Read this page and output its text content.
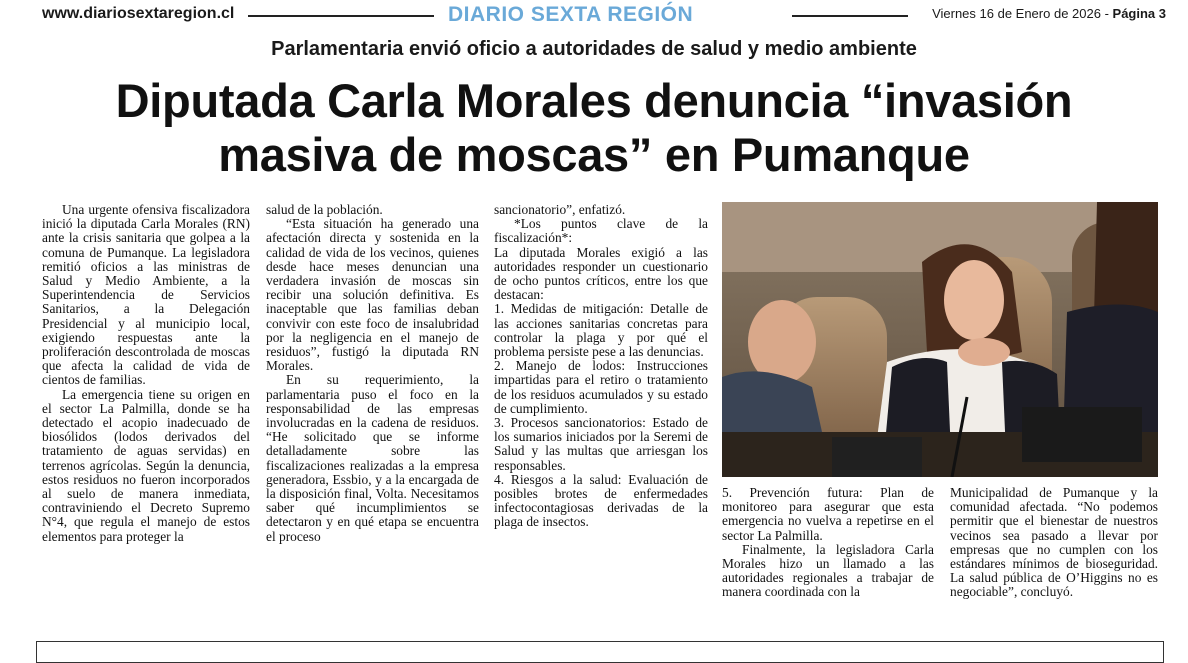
www.diariosextaregion.cl	DIARIO SEXTA REGIÓN	Viernes 16 de Enero de 2026 - Página 3
Parlamentaria envió oficio a autoridades de salud y medio ambiente
Diputada Carla Morales denuncia “invasión
masiva de moscas” en Pumanque

Una urgente ofensiva fiscalizadora inició la diputada Carla Morales (RN) ante la crisis sanitaria que golpea a la comuna de Pumanque. La legisladora remitió oficios a las ministras de Salud y Medio Ambiente, a la Superintendencia de Servicios Sanitarios, a la Delegación Presidencial y al municipio local, exigiendo respuestas ante la proliferación descontrolada de moscas que afecta la calidad de vida de cientos de familias.

La emergencia tiene su origen en el sector La Palmilla, donde se ha detectado el acopio inadecuado de biosólidos (lodos derivados del tratamiento de aguas servidas) en terrenos agrícolas. Según la denuncia, estos residuos no fueron incorporados al suelo de manera inmediata, contraviniendo el Decreto Supremo N°4, que regula el manejo de estos elementos para proteger la

salud de la población.

“Esta situación ha generado una afectación directa y sostenida en la calidad de vida de los vecinos, quienes desde hace meses denuncian una verdadera invasión de moscas sin recibir una solución definitiva. Es inaceptable que las familias deban convivir con este foco de insalubridad por la negligencia en el manejo de residuos”, fustigó la diputada RN Morales.

En su requerimiento, la parlamentaria puso el foco en la responsabilidad de las empresas involucradas en la cadena de residuos. “He solicitado que se informe detalladamente sobre las fiscalizaciones realizadas a la empresa generadora, Essbio, y a la encargada de la disposición final, Volta. Necesitamos saber qué incumplimientos se detectaron y en qué etapa se encuentra el proceso

sancionatorio”, enfatizó.

*Los puntos clave de la fiscalización*:

La diputada Morales exigió a las autoridades responder un cuestionario de ocho puntos críticos, entre los que destacan:

1. Medidas de mitigación: Detalle de las acciones sanitarias concretas para controlar la plaga y por qué el problema persiste pese a las denuncias.

2. Manejo de lodos: Instrucciones impartidas para el retiro o tratamiento de los residuos acumulados y su estado de cumplimiento.

3. Procesos sancionatorios: Estado de los sumarios iniciados por la Seremi de Salud y las multas que arriesgan los responsables.

4. Riesgos a la salud: Evaluación de posibles brotes de enfermedades infectocontagiosas derivadas de la plaga de insectos.

5. Prevención futura: Plan de monitoreo para asegurar que esta emergencia no vuelva a repetirse en el sector La Palmilla.

Finalmente, la legisladora Carla Morales hizo un llamado a las autoridades regionales a trabajar de manera coordinada con la

Municipalidad de Pumanque y la comunidad afectada. “No podemos permitir que el bienestar de nuestros vecinos sea pasado a llevar por empresas que no cumplen con los estándares mínimos de bioseguridad. La salud pública de O’Higgins no es negociable”, concluyó.
